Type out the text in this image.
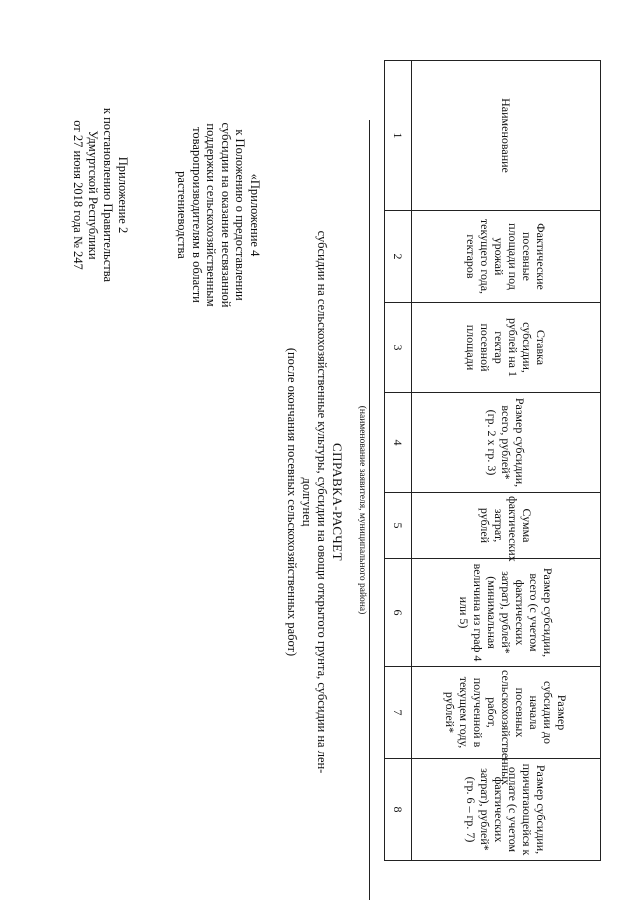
Приложение 2
к постановлению Правительства
Удмуртской Республики
от 27 июня 2018 года № 247	«Приложение 4
к Положению о предоставлении
субсидии на оказание несвязанной
поддержки сельскохозяйственным
товаропроизводителям в области
растениеводства
СПРАВКА-РАСЧЕТ
субсидии на сельскохозяйственные культуры, субсидии на овощи открытого грунта, субсидии на лен-долгунец
(после окончания посевных сельскохозяйственных работ)	(наименование заявителя, муниципального района)
Наименование	Фактические посевные площади под урожай текущего года, гектаров	Ставка субсидии, рублей на 1 гектар посевной площади	Размер субсидии, всего, рублей* (гр. 2 х гр. 3)	Сумма фактических затрат, рублей	Размер субсидии, всего (с учетом фактических затрат), рублей* (минимальная величина из граф 4 или 5)	Размер субсидии до начала посевных сельскохозяйственных работ, полученной в текущем году, рублей*	Размер субсидии, причитающейся к оплате (с учетом фактических затрат), рублей* (гр. 6 – гр. 7)
1	2	3	4	5	6	7	8
